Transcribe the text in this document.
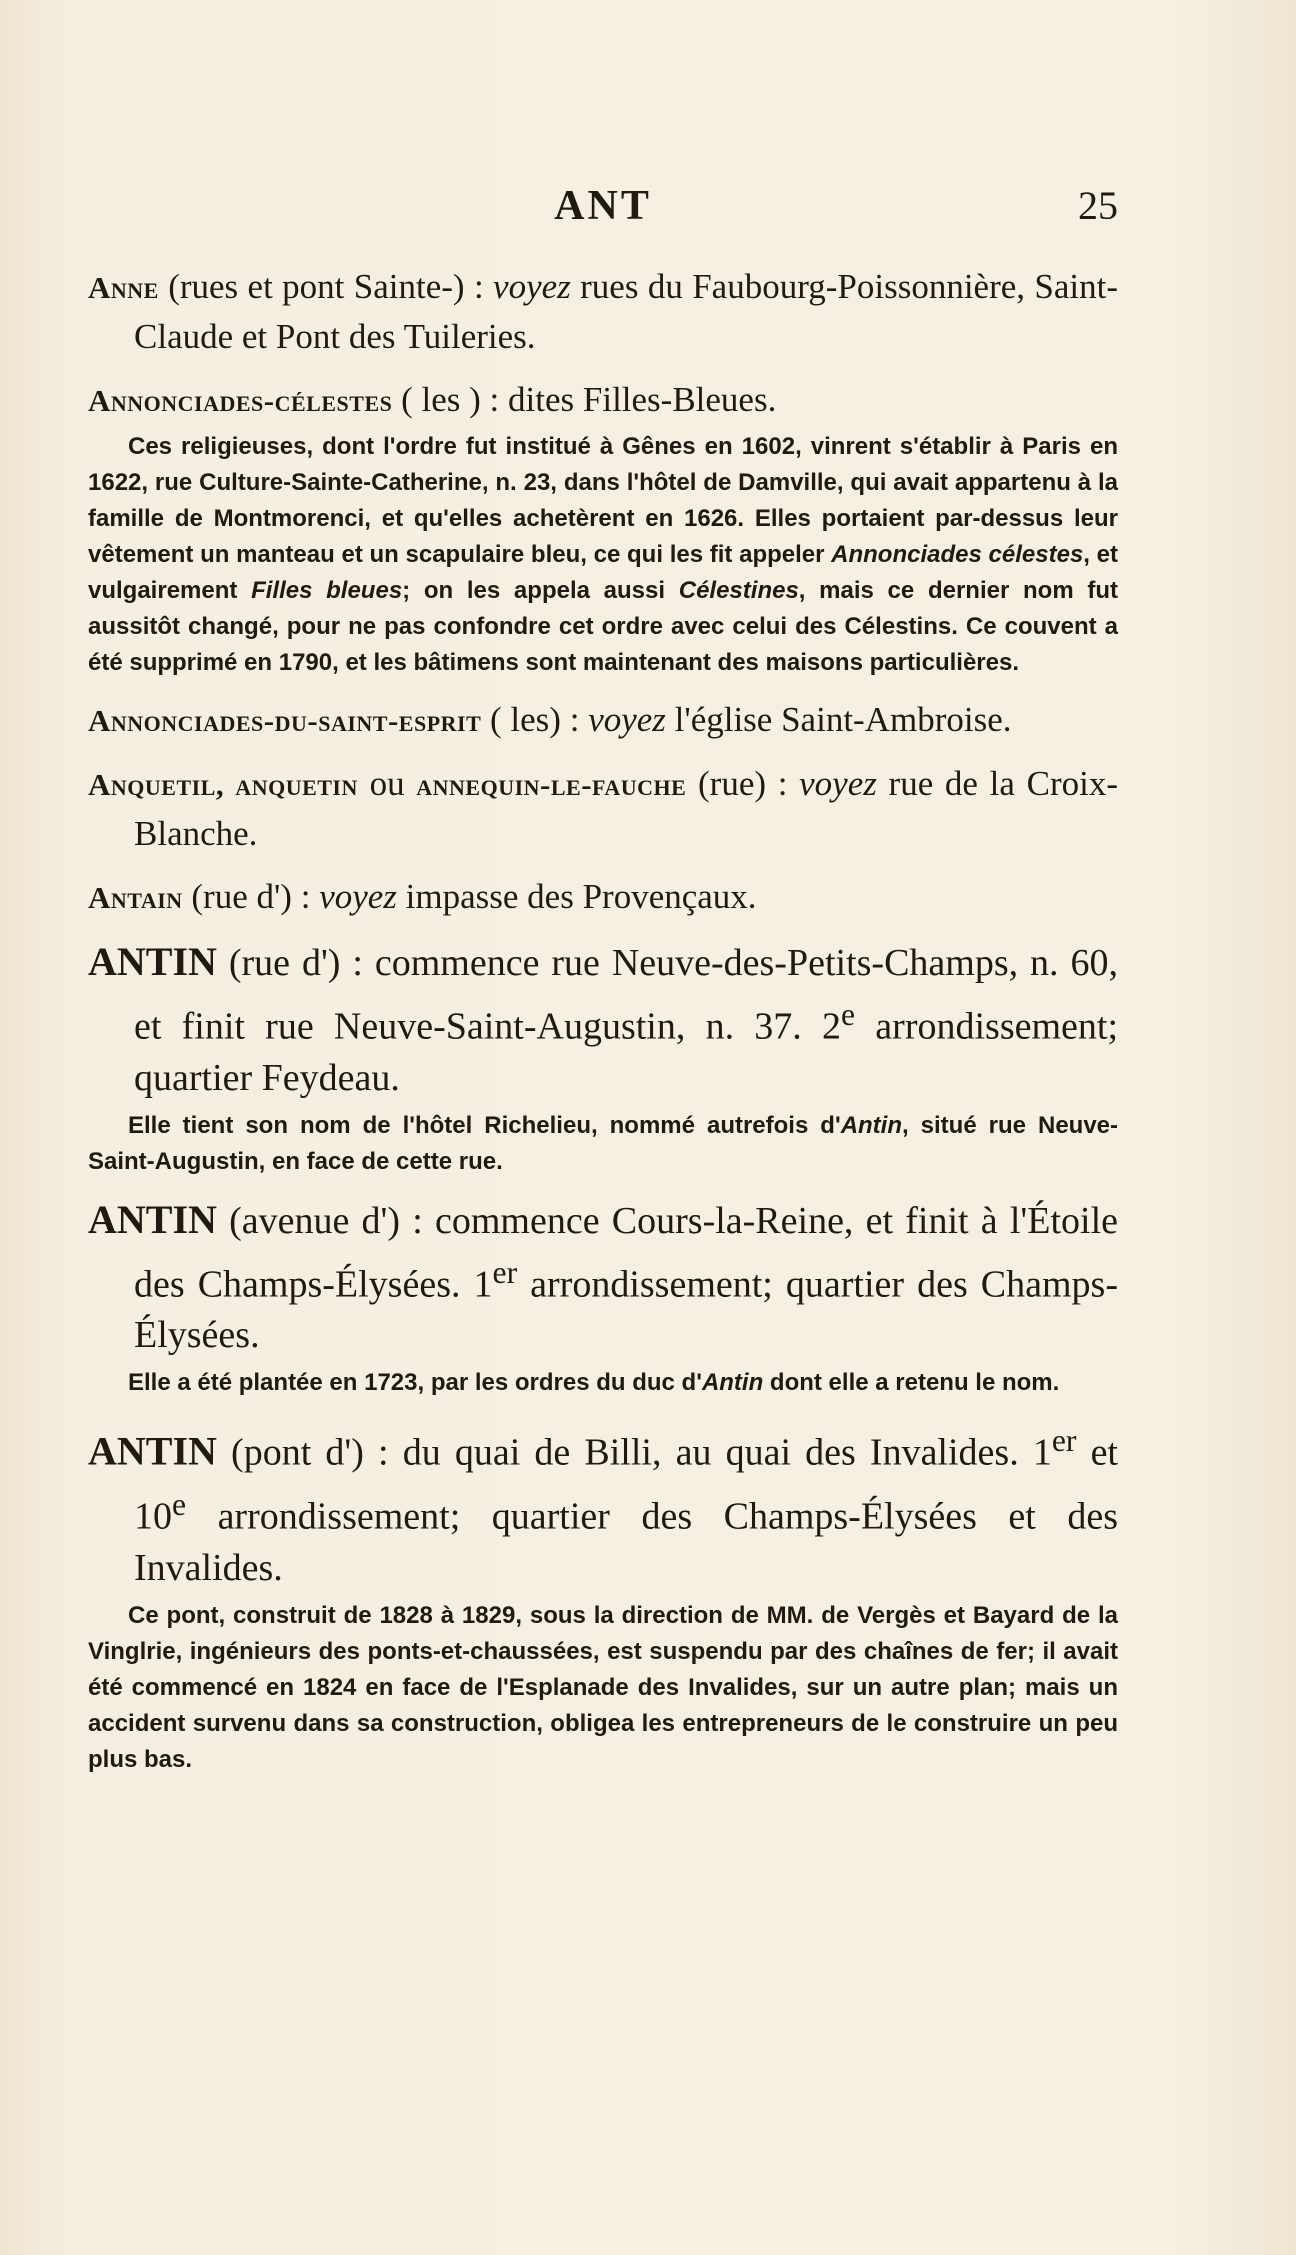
ANT	25
Anne (rues et pont Sainte-) : voyez rues du Faubourg-Poissonnière, Saint-Claude et Pont des Tuileries.
Annonciades-célestes ( les ) : dites Filles-Bleues.
Ces religieuses, dont l'ordre fut institué à Gênes en 1602, vinrent s'établir à Paris en 1622, rue Culture-Sainte-Catherine, n. 23, dans l'hôtel de Damville, qui avait appartenu à la famille de Montmorenci, et qu'elles achetèrent en 1626. Elles portaient par-dessus leur vêtement un manteau et un scapulaire bleu, ce qui les fit appeler Annonciades célestes, et vulgairement Filles bleues; on les appela aussi Célestines, mais ce dernier nom fut aussitôt changé, pour ne pas confondre cet ordre avec celui des Célestins. Ce couvent a été supprimé en 1790, et les bâtimens sont maintenant des maisons particulières.
Annonciades-du-saint-esprit ( les) : voyez l'église Saint-Ambroise.
Anquetil, anquetin ou annequin-le-fauche (rue) : voyez rue de la Croix-Blanche.
Antain (rue d') : voyez impasse des Provençaux.
ANTIN (rue d') : commence rue Neuve-des-Petits-Champs, n. 60, et finit rue Neuve-Saint-Augustin, n. 37. 2e arrondissement; quartier Feydeau.
Elle tient son nom de l'hôtel Richelieu, nommé autrefois d'Antin, situé rue Neuve-Saint-Augustin, en face de cette rue.
ANTIN (avenue d') : commence Cours-la-Reine, et finit à l'Étoile des Champs-Élysées. 1er arrondissement; quartier des Champs-Élysées.
Elle a été plantée en 1723, par les ordres du duc d'Antin dont elle a retenu le nom.
ANTIN (pont d') : du quai de Billi, au quai des Invalides. 1er et 10e arrondissement; quartier des Champs-Élysées et des Invalides.
Ce pont, construit de 1828 à 1829, sous la direction de MM. de Vergès et Bayard de la Vinglrie, ingénieurs des ponts-et-chaussées, est suspendu par des chaînes de fer; il avait été commencé en 1824 en face de l'Esplanade des Invalides, sur un autre plan; mais un accident survenu dans sa construction, obligea les entrepreneurs de le construire un peu plus bas.
